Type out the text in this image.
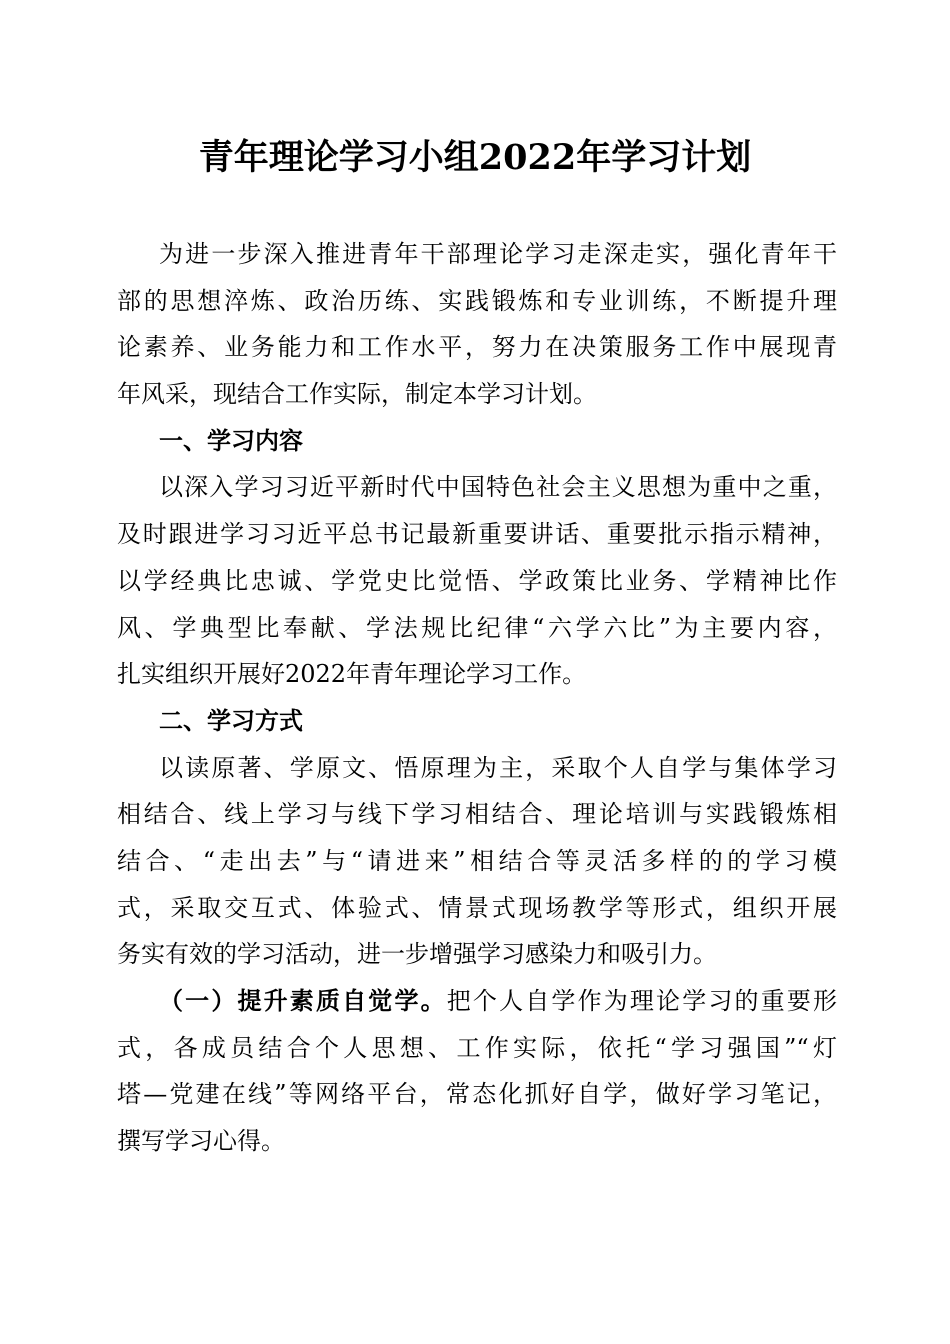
青年理论学习小组2022年学习计划
为进一步深入推进青年干部理论学习走深走实，强化青年干
部的思想淬炼、政治历练、实践锻炼和专业训练，不断提升理
论素养、业务能力和工作水平，努力在决策服务工作中展现青
年风采，现结合工作实际，制定本学习计划。
一、学习内容
以深入学习习近平新时代中国特色社会主义思想为重中之重，
及时跟进学习习近平总书记最新重要讲话、重要批示指示精神，
以学经典比忠诚、学党史比觉悟、学政策比业务、学精神比作
风、学典型比奉献、学法规比纪律“六学六比”为主要内容，
扎实组织开展好2022年青年理论学习工作。
二、学习方式
以读原著、学原文、悟原理为主，采取个人自学与集体学习
相结合、线上学习与线下学习相结合、理论培训与实践锻炼相
结合、“走出去”与“请进来”相结合等灵活多样的的学习模
式，采取交互式、体验式、情景式现场教学等形式，组织开展
务实有效的学习活动，进一步增强学习感染力和吸引力。
（一）提升素质自觉学。把个人自学作为理论学习的重要形
式，各成员结合个人思想、工作实际，依托“学习强国”“灯
塔—党建在线”等网络平台，常态化抓好自学，做好学习笔记，
撰写学习心得。
